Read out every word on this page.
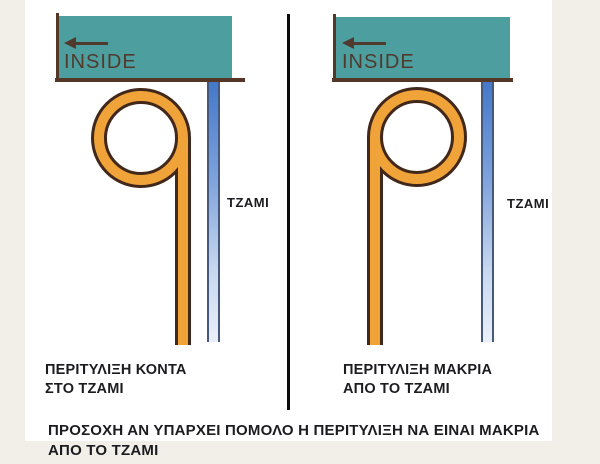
INSIDE	INSIDE
ΤΖΑΜΙ	ΤΖΑΜΙ
ΠΕΡΙΤΥΛΙΞΗ ΚΟΝΤΑ
ΣΤΟ ΤΖΑΜΙ
ΠΕΡΙΤΥΛΙΞΗ ΜΑΚΡΙΑ
ΑΠΟ ΤΟ ΤΖΑΜΙ
ΠΡΟΣΟΧΗ ΑΝ ΥΠΑΡΧΕΙ ΠΟΜΟΛΟ Η ΠΕΡΙΤΥΛΙΞΗ ΝΑ ΕΙΝΑΙ ΜΑΚΡΙΑ
ΑΠΟ ΤΟ ΤΖΑΜΙ
